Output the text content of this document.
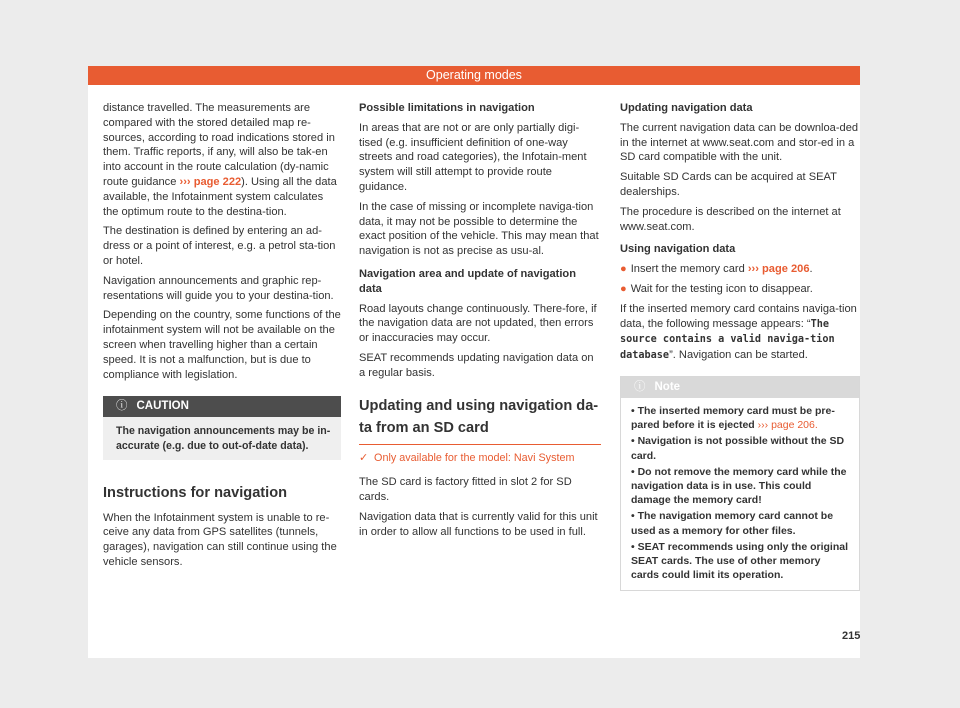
Operating modes

distance travelled. The measurements are compared with the stored detailed map re-sources, according to road indications stored in them. Traffic reports, if any, will also be tak-en into account in the route calculation (dy-namic route guidance ››› page 222). Using all the data available, the Infotainment system calculates the optimum route to the destina-tion.

The destination is defined by entering an ad-dress or a point of interest, e.g. a petrol sta-tion or hotel.

Navigation announcements and graphic rep-resentations will guide you to your destina-tion.

Depending on the country, some functions of the infotainment system will not be available on the screen when travelling higher than a certain speed. It is not a malfunction, but is due to compliance with legislation.

ⓘ CAUTION
The navigation announcements may be in-accurate (e.g. due to out-of-date data).
Instructions for navigation

When the Infotainment system is unable to re-ceive any data from GPS satellites (tunnels, garages), navigation can still continue using the vehicle sensors.

Possible limitations in navigation

In areas that are not or are only partially digi-tised (e.g. insufficient definition of one-way streets and road categories), the Infotain-ment system will still attempt to provide route guidance.

In the case of missing or incomplete naviga-tion data, it may not be possible to determine the exact position of the vehicle. This may mean that navigation is not as precise as usu-al.

Navigation area and update of navigation data

Road layouts change continuously. There-fore, if the navigation data are not updated, then errors or inaccuracies may occur.

SEAT recommends updating navigation data on a regular basis.

Updating and using navigation da-ta from an SD card
✓ Only available for the model: Navi System

The SD card is factory fitted in slot 2 for SD cards.

Navigation data that is currently valid for this unit in order to allow all functions to be used in full.

Updating navigation data

The current navigation data can be downloa-ded in the internet at www.seat.com and stor-ed in a SD card compatible with the unit.

Suitable SD Cards can be acquired at SEAT dealerships.

The procedure is described on the internet at www.seat.com.

Using navigation data

● Insert the memory card ››› page 206.

● Wait for the testing icon to disappear.

If the inserted memory card contains naviga-tion data, the following message appears: “The source contains a valid naviga-tion database”. Navigation can be started.

ⓘ Note

• The inserted memory card must be pre-pared before it is ejected ››› page 206.

• Navigation is not possible without the SD card.

• Do not remove the memory card while the navigation data is in use. This could damage the memory card!

• The navigation memory card cannot be used as a memory for other files.

• SEAT recommends using only the original SEAT cards. The use of other memory cards could limit its operation.

215
